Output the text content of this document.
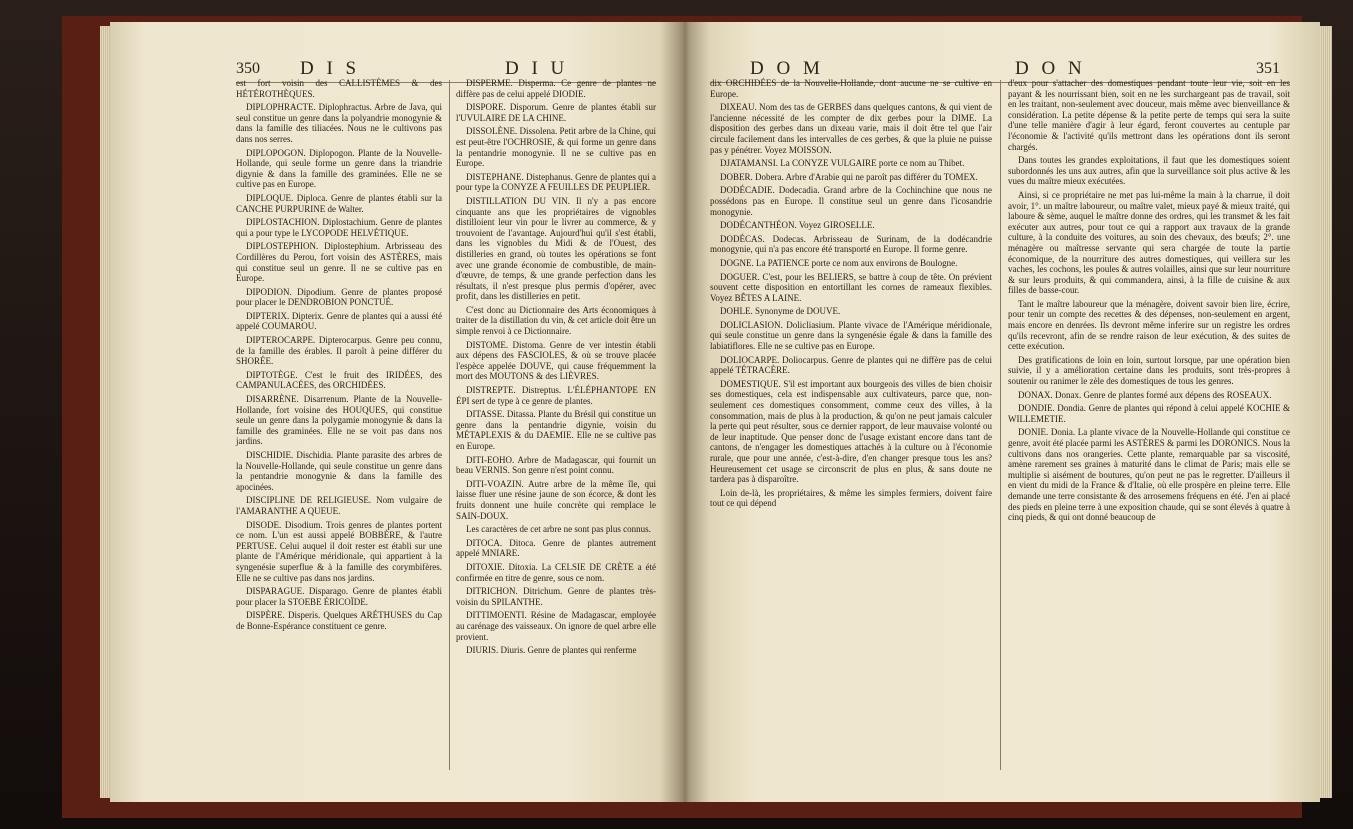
350 D I S	D I U

est fort voisin des CALLISTÈMES & des HÉTÉROTHÈQUES.

DIPLOPHRACTE. Diplophractus. Arbre de Java, qui seul constitue un genre dans la polyandrie monogynie & dans la famille des tiliacées. Nous ne le cultivons pas dans nos serres.

DIPLOPOGON. Diplopogon. Plante de la Nouvelle-Hollande, qui seule forme un genre dans la triandrie digynie & dans la famille des graminées. Elle ne se cultive pas en Europe.

DIPLOQUE. Diploca. Genre de plantes établi sur la CANCHE PURPURINE de Walter.

DIPLOSTACHION. Diplostachium. Genre de plantes qui a pour type le LYCOPODE HELVÉTIQUE.

DIPLOSTEPHION. Diplostephium. Arbrisseau des Cordillères du Perou, fort voisin des ASTÈRES, mais qui constitue seul un genre. Il ne se cultive pas en Europe.

DIPODION. Dipodium. Genre de plantes proposé pour placer le DENDROBION PONCTUÉ.

DIPTERIX. Dipterix. Genre de plantes qui a aussi été appelé COUMAROU.

DIPTEROCARPE. Dipterocarpus. Genre peu connu, de la famille des érables. Il paroît à peine différer du SHORÉE.

DIPTOTÈGE. C'est le fruit des IRIDÉES, des CAMPANULACÉES, des ORCHIDÉES.

DISARRÈNE. Disarrenum. Plante de la Nouvelle-Hollande, fort voisine des HOUQUES, qui constitue seule un genre dans la polygamie monogynie & dans la famille des graminées. Elle ne se voit pas dans nos jardins.

DISCHIDIE. Dischidia. Plante parasite des arbres de la Nouvelle-Hollande, qui seule constitue un genre dans la pentandrie monogynie & dans la famille des apocinées.

DISCIPLINE DE RELIGIEUSE. Nom vulgaire de l'AMARANTHE A QUEUE.

DISODE. Disodium. Trois genres de plantes portent ce nom. L'un est aussi appelé BOBBÈRE, & l'autre PERTUSE. Celui auquel il doit rester est établi sur une plante de l'Amérique méridionale, qui appartient à la syngenésie superflue & à la famille des corymbifères. Elle ne se cultive pas dans nos jardins.

DISPARAGUE. Disparago. Genre de plantes établi pour placer la STOEBE ÉRICOÏDE.

DISPÈRE. Disperis. Quelques ARÉTHUSES du Cap de Bonne-Espérance constituent ce genre.

DISPERME. Disperma. Ce genre de plantes ne diffère pas de celui appelé DIODIE.

DISPORE. Disporum. Genre de plantes établi sur l'UVULAIRE DE LA CHINE.

DISSOLÈNE. Dissolena. Petit arbre de la Chine, qui est peut-être l'OCHROSIE, & qui forme un genre dans la pentandrie monogynie. Il ne se cultive pas en Europe.

DISTEPHANE. Distephanus. Genre de plantes qui a pour type la CONYZE A FEUILLES DE PEUPLIER.

DISTILLATION DU VIN. Il n'y a pas encore cinquante ans que les propriétaires de vignobles distilloient leur vin pour le livrer au commerce, & y trouvoient de l'avantage. Aujourd'hui qu'il s'est établi, dans les vignobles du Midi & de l'Ouest, des distilleries en grand, où toutes les opérations se font avec une grande économie de combustible, de main-d'œuvre, de temps, & une grande perfection dans les résultats, il n'est presque plus permis d'opérer, avec profit, dans les distilleries en petit.

C'est donc au Dictionnaire des Arts économiques à traiter de la distillation du vin, & cet article doit être un simple renvoi à ce Dictionnaire.

DISTOME. Distoma. Genre de ver intestin établi aux dépens des FASCIOLES, & où se trouve placée l'espèce appelée DOUVE, qui cause fréquemment la mort des MOUTONS & des LIÈVRES.

DISTREPTE. Distreptus. L'ÉLÉPHANTOPE EN ÉPI sert de type à ce genre de plantes.

DITASSE. Ditassa. Plante du Brésil qui constitue un genre dans la pentandrie digynie, voisin du MÉTAPLEXIS & du DAEMIE. Elle ne se cultive pas en Europe.

DITI-EOHO. Arbre de Madagascar, qui fournit un beau VERNIS. Son genre n'est point connu.

DITI-VOAZIN. Autre arbre de la même île, qui laisse fluer une résine jaune de son écorce, & dont les fruits donnent une huile concrète qui remplace le SAIN-DOUX.

Les caractères de cet arbre ne sont pas plus connus.

DITOCA. Ditoca. Genre de plantes autrement appelé MNIARE.

DITOXIE. Ditoxia. La CELSIE DE CRÈTE a été confirmée en titre de genre, sous ce nom.

DITRICHON. Ditrichum. Genre de plantes très-voisin du SPILANTHE.

DITTIMOENTI. Résine de Madagascar, employée au carénage des vaisseaux. On ignore de quel arbre elle provient.

DIURIS. Diuris. Genre de plantes qui renferme

D O M	D O N	351

dix ORCHIDÉES de la Nouvelle-Hollande, dont aucune ne se cultive en Europe.

DIXEAU. Nom des tas de GERBES dans quelques cantons, & qui vient de l'ancienne nécessité de les compter de dix gerbes pour la DIME. La disposition des gerbes dans un dixeau varie, mais il doit être tel que l'air circule facilement dans les intervalles de ces gerbes, & que la pluie ne puisse pas y pénétrer. Voyez MOISSON.

DJATAMANSI. La CONYZE VULGAIRE porte ce nom au Thibet.

DOBER. Dobera. Arbre d'Arabie qui ne paroît pas différer du TOMEX.

DODÉCADIE. Dodecadia. Grand arbre de la Cochinchine que nous ne possédons pas en Europe. Il constitue seul un genre dans l'icosandrie monogynie.

DODÉCANTHÉON. Voyez GIROSELLE.

DODÉCAS. Dodecas. Arbrisseau de Surinam, de la dodécandrie monogynie, qui n'a pas encore été transporté en Europe. Il forme genre.

DOGNE. La PATIENCE porte ce nom aux environs de Boulogne.

DOGUER. C'est, pour les BELIERS, se battre à coup de tête. On prévient souvent cette disposition en entortillant les cornes de rameaux flexibles. Voyez BÊTES A LAINE.

DOHLE. Synonyme de DOUVE.

DOLICLASION. Dolicliasium. Plante vivace de l'Amérique méridionale, qui seule constitue un genre dans la syngenésie égale & dans la famille des labiatiflores. Elle ne se cultive pas en Europe.

DOLIOCARPE. Doliocarpus. Genre de plantes qui ne diffère pas de celui appelé TÉTRACÈRE.

DOMESTIQUE. S'il est important aux bourgeois des villes de bien choisir ses domestiques, cela est indispensable aux cultivateurs, parce que, non-seulement ces domestiques consomment, comme ceux des villes, à la consommation, mais de plus à la production, & qu'on ne peut jamais calculer la perte qui peut résulter, sous ce dernier rapport, de leur mauvaise volonté ou de leur inaptitude. Que penser donc de l'usage existant encore dans tant de cantons, de n'engager les domestiques attachés à la culture ou à l'économie rurale, que pour une année, c'est-à-dire, d'en changer presque tous les ans? Heureusement cet usage se circonscrit de plus en plus, & sans doute ne tardera pas à disparoître.

Loin de-là, les propriétaires, & même les simples fermiers, doivent faire tout ce qui dépend

d'eux pour s'attacher des domestiques pendant toute leur vie, soit en les payant & les nourrissant bien, soit en ne les surchargeant pas de travail, soit en les traitant, non-seulement avec douceur, mais même avec bienveillance & considération. La petite dépense & la petite perte de temps qui sera la suite d'une telle manière d'agir à leur égard, feront couvertes au centuple par l'économie & l'activité qu'ils mettront dans les opérations dont ils seront chargés.

Dans toutes les grandes exploitations, il faut que les domestiques soient subordonnés les uns aux autres, afin que la surveillance soit plus active & les vues du maître mieux exécutées.

Ainsi, si ce propriétaire ne met pas lui-même la main à la charrue, il doit avoir, 1°. un maître laboureur, ou maître valet, mieux payé & mieux traité, qui laboure & sème, auquel le maître donne des ordres, qui les transmet & les fait exécuter aux autres, pour tout ce qui a rapport aux travaux de la grande culture, à la conduite des voitures, au soin des chevaux, des bœufs; 2°. une ménagère ou maîtresse servante qui sera chargée de toute la partie économique, de la nourriture des autres domestiques, qui veillera sur les vaches, les cochons, les poules & autres volailles, ainsi que sur leur nourriture & sur leurs produits, & qui commandera, ainsi, à la fille de cuisine & aux filles de basse-cour.

Tant le maître laboureur que la ménagère, doivent savoir bien lire, écrire, pour tenir un compte des recettes & des dépenses, non-seulement en argent, mais encore en denrées. Ils devront même inferire sur un registre les ordres qu'ils recevront, afin de se rendre raison de leur exécution, & des suites de cette exécution.

Des gratifications de loin en loin, surtout lorsque, par une opération bien suivie, il y a amélioration certaine dans les produits, sont très-propres à soutenir ou ranimer le zèle des domestiques de tous les genres.

DONAX. Donax. Genre de plantes formé aux dépens des ROSEAUX.

DONDIE. Dondia. Genre de plantes qui répond à celui appelé KOCHIE & WILLEMETIE.

DONIE. Donia. La plante vivace de la Nouvelle-Hollande qui constitue ce genre, avoit été placée parmi les ASTÈRES & parmi les DORONICS. Nous la cultivons dans nos orangeries. Cette plante, remarquable par sa viscosité, amène rarement ses graines à maturité dans le climat de Paris; mais elle se multiplie si aisément de boutures, qu'on peut ne pas le regretter. D'ailleurs il en vient du midi de la France & d'Italie, où elle prospère en pleine terre. Elle demande une terre consistante & des arrosemens fréquens en été. J'en ai placé des pieds en pleine terre à une exposition chaude, qui se sont élevés à quatre à cinq pieds, & qui ont donné beaucoup de
